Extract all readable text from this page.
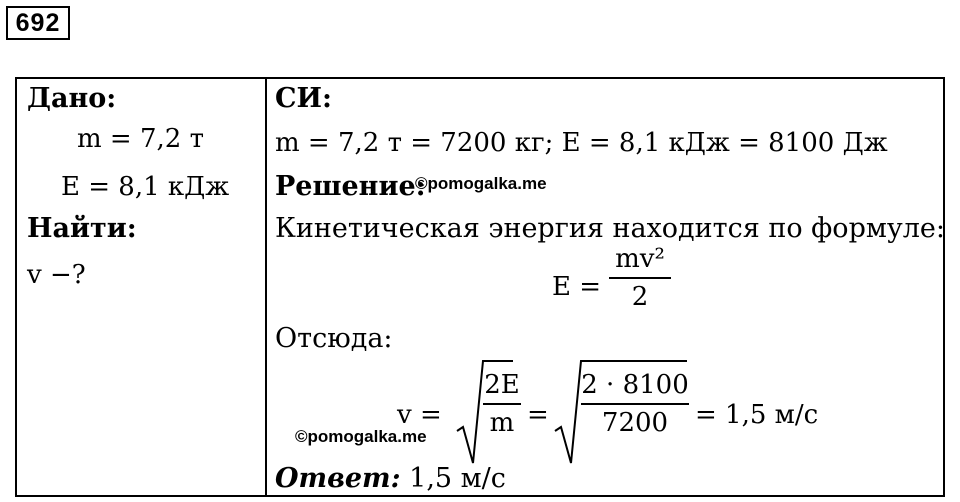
692
Дано:
m = 7,2 т
E = 8,1 кДж
Найти:
v −?
СИ:
m = 7,2 т = 7200 кг; E = 8,1 кДж = 8100 Дж
Решение:
©pomogalka.me
Кинетическая энергия находится по формуле:
E =
mv²
2
Отсюда:
v =
2E
m =
2 · 8100
7200	= 1,5 м/с
©pomogalka.me
Ответ: 1,5 м/с
